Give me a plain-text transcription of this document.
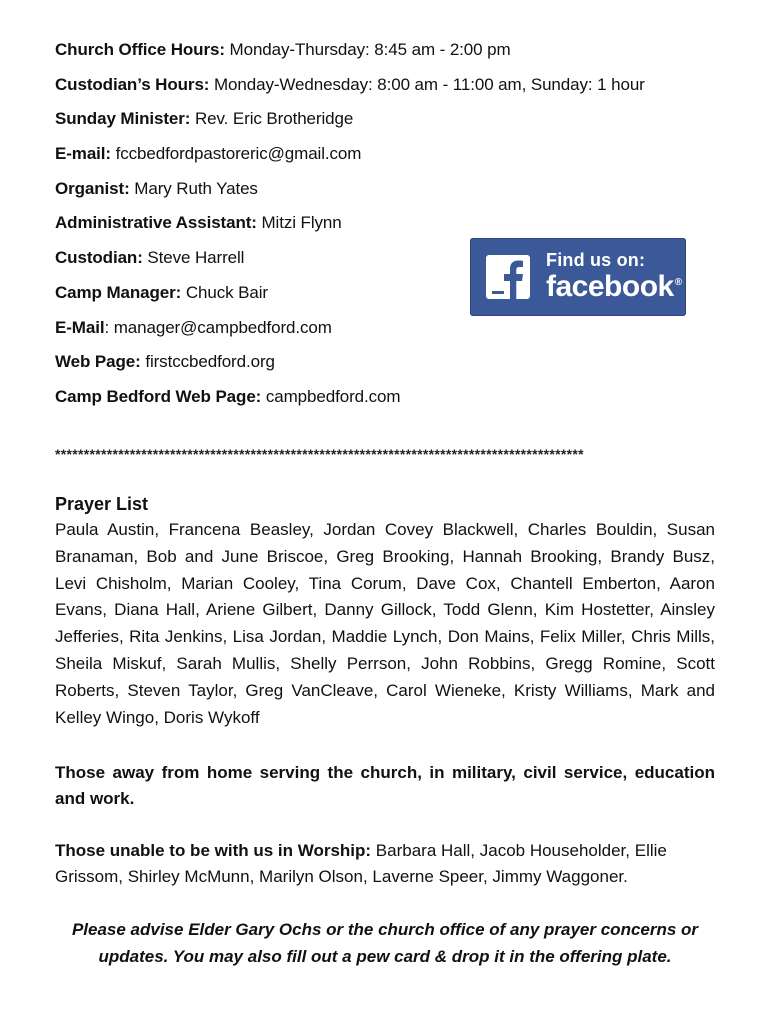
Church Office Hours: Monday-Thursday: 8:45 am - 2:00 pm
Custodian’s Hours: Monday-Wednesday: 8:00 am - 11:00 am, Sunday: 1 hour
Sunday Minister: Rev. Eric Brotheridge
E-mail: fccbedfordpastoreric@gmail.com
Organist: Mary Ruth Yates
Administrative Assistant: Mitzi Flynn
Custodian: Steve Harrell
Camp Manager: Chuck Bair
E-Mail: manager@campbedford.com
Web Page: firstccbedford.org
Camp Bedford Web Page: campbedford.com
Find us on:
facebook®
********************************************************************************************
Prayer List
Paula Austin, Francena Beasley, Jordan Covey Blackwell, Charles Bouldin, Susan Branaman, Bob and June Briscoe, Greg Brooking, Hannah Brooking, Brandy Busz, Levi Chisholm, Marian Cooley, Tina Corum, Dave Cox, Chantell Emberton, Aaron Evans, Diana Hall, Ariene Gilbert, Danny Gillock, Todd Glenn, Kim Hostetter, Ainsley Jefferies, Rita Jenkins, Lisa Jordan, Maddie Lynch, Don Mains, Felix Miller, Chris Mills, Sheila Miskuf, Sarah Mullis, Shelly Perrson, John Robbins, Gregg Romine, Scott Roberts, Steven Taylor, Greg VanCleave, Carol Wieneke, Kristy Williams, Mark and Kelley Wingo, Doris Wykoff
Those away from home serving the church, in military, civil service, education and work.
Those unable to be with us in Worship: Barbara Hall, Jacob Householder, Ellie Grissom, Shirley McMunn, Marilyn Olson, Laverne Speer, Jimmy Waggoner.
Please advise Elder Gary Ochs or the church office of any prayer concerns or updates. You may also fill out a pew card & drop it in the offering plate.
